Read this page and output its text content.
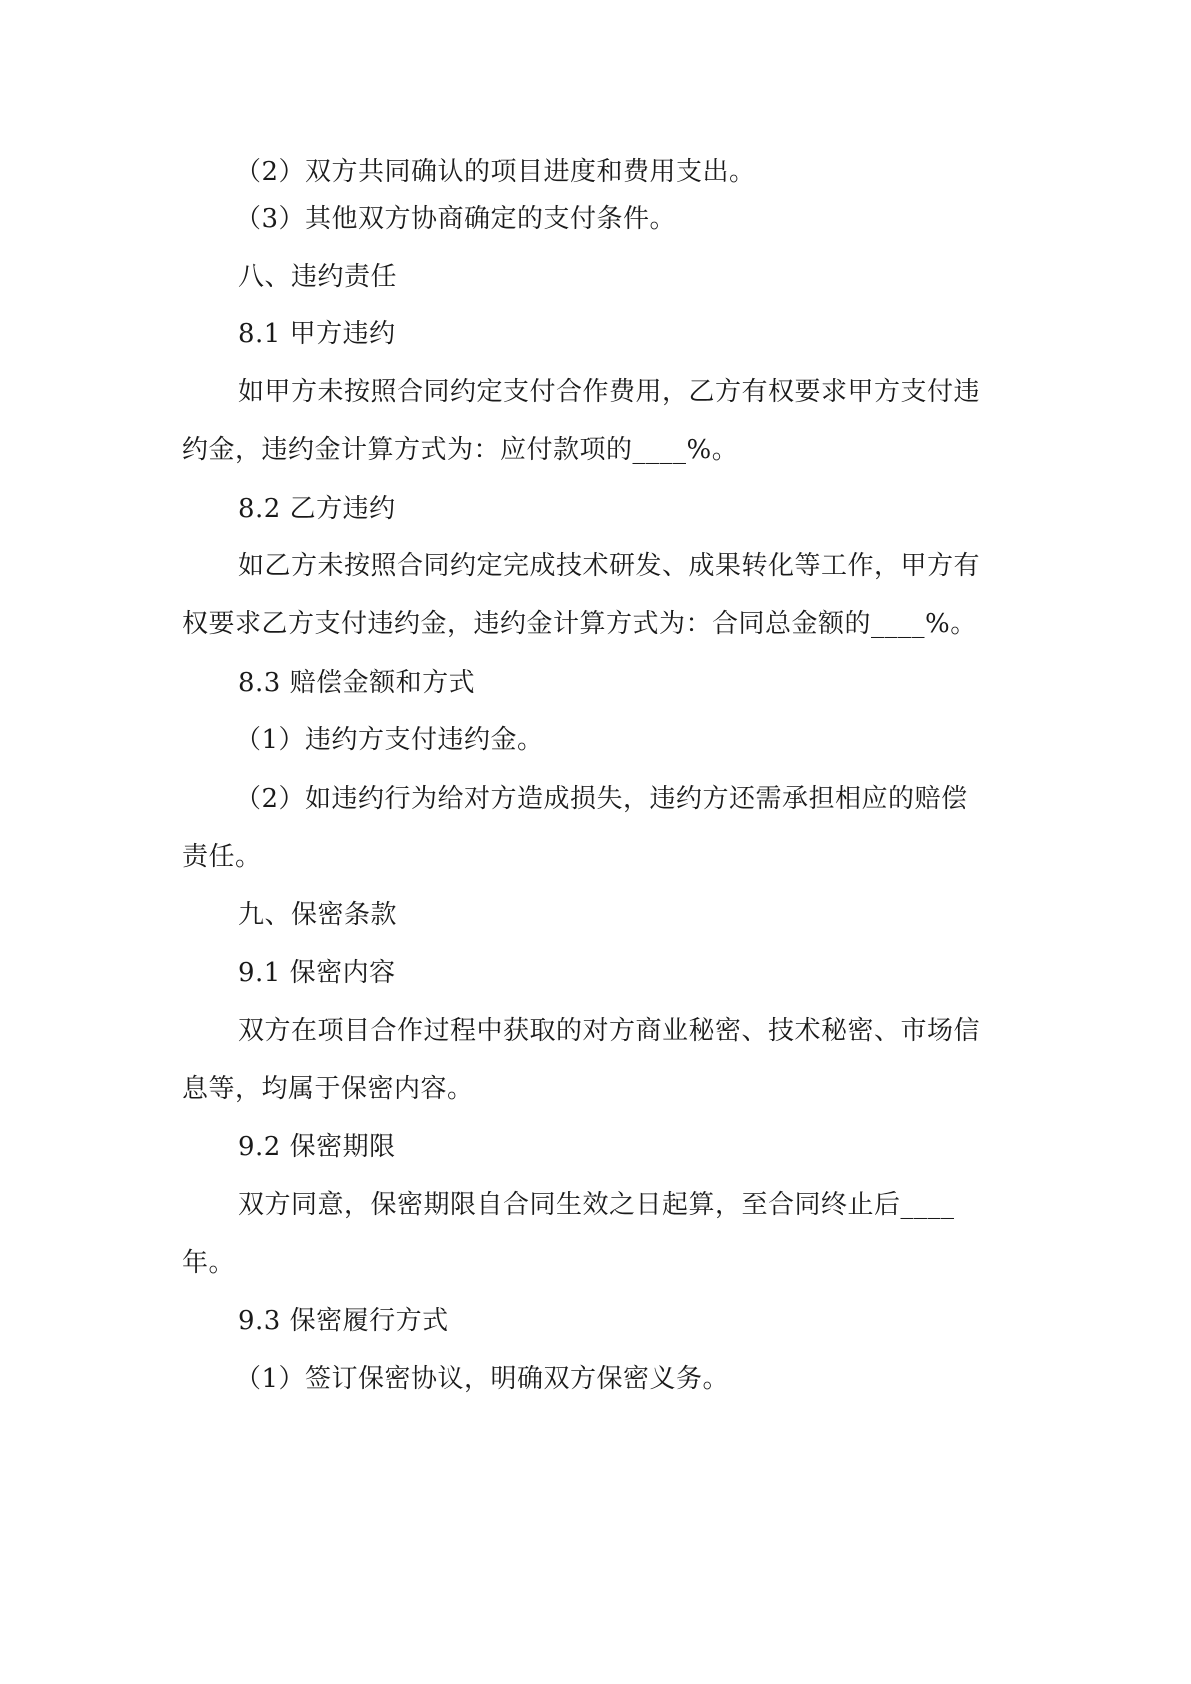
（2）双方共同确认的项目进度和费用支出。
（3）其他双方协商确定的支付条件。
八、违约责任
8.1 甲方违约
如甲方未按照合同约定支付合作费用，乙方有权要求甲方支付违
约金，违约金计算方式为：应付款项的____%。
8.2 乙方违约
如乙方未按照合同约定完成技术研发、成果转化等工作，甲方有
权要求乙方支付违约金，违约金计算方式为：合同总金额的____%。
8.3 赔偿金额和方式
（1）违约方支付违约金。
（2）如违约行为给对方造成损失，违约方还需承担相应的赔偿
责任。
九、保密条款
9.1 保密内容
双方在项目合作过程中获取的对方商业秘密、技术秘密、市场信
息等，均属于保密内容。
9.2 保密期限
双方同意，保密期限自合同生效之日起算，至合同终止后____
年。
9.3 保密履行方式
（1）签订保密协议，明确双方保密义务。
